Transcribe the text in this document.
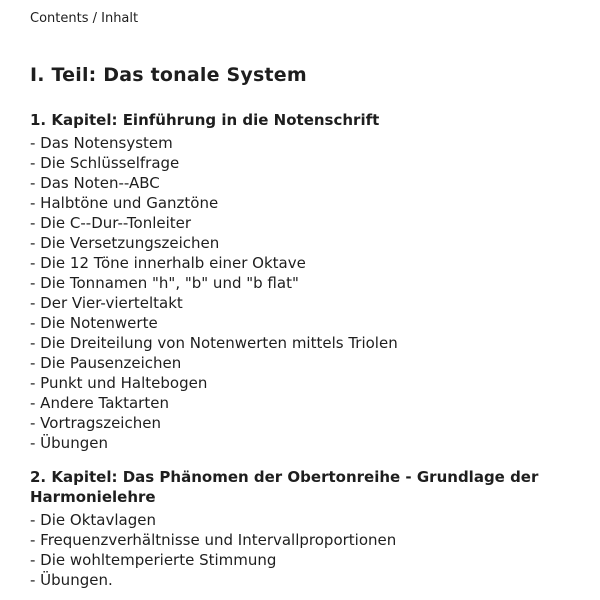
Contents / Inhalt
I. Teil: Das tonale System
1. Kapitel: Einführung in die Notenschrift
- Das Notensystem
- Die Schlüsselfrage
- Das Noten--ABC
- Halbtöne und Ganztöne
- Die C--Dur--Tonleiter
- Die Versetzungszeichen
- Die 12 Töne innerhalb einer Oktave
- Die Tonnamen "h", "b" und "b flat"
- Der Vier-vierteltakt
- Die Notenwerte
- Die Dreiteilung von Notenwerten mittels Triolen
- Die Pausenzeichen
- Punkt und Haltebogen
- Andere Taktarten
- Vortragszeichen
- Übungen
2. Kapitel: Das Phänomen der Obertonreihe - Grundlage der Harmonielehre
- Die Oktavlagen
- Frequenzverhältnisse und Intervallproportionen
- Die wohltemperierte Stimmung
- Übungen.
